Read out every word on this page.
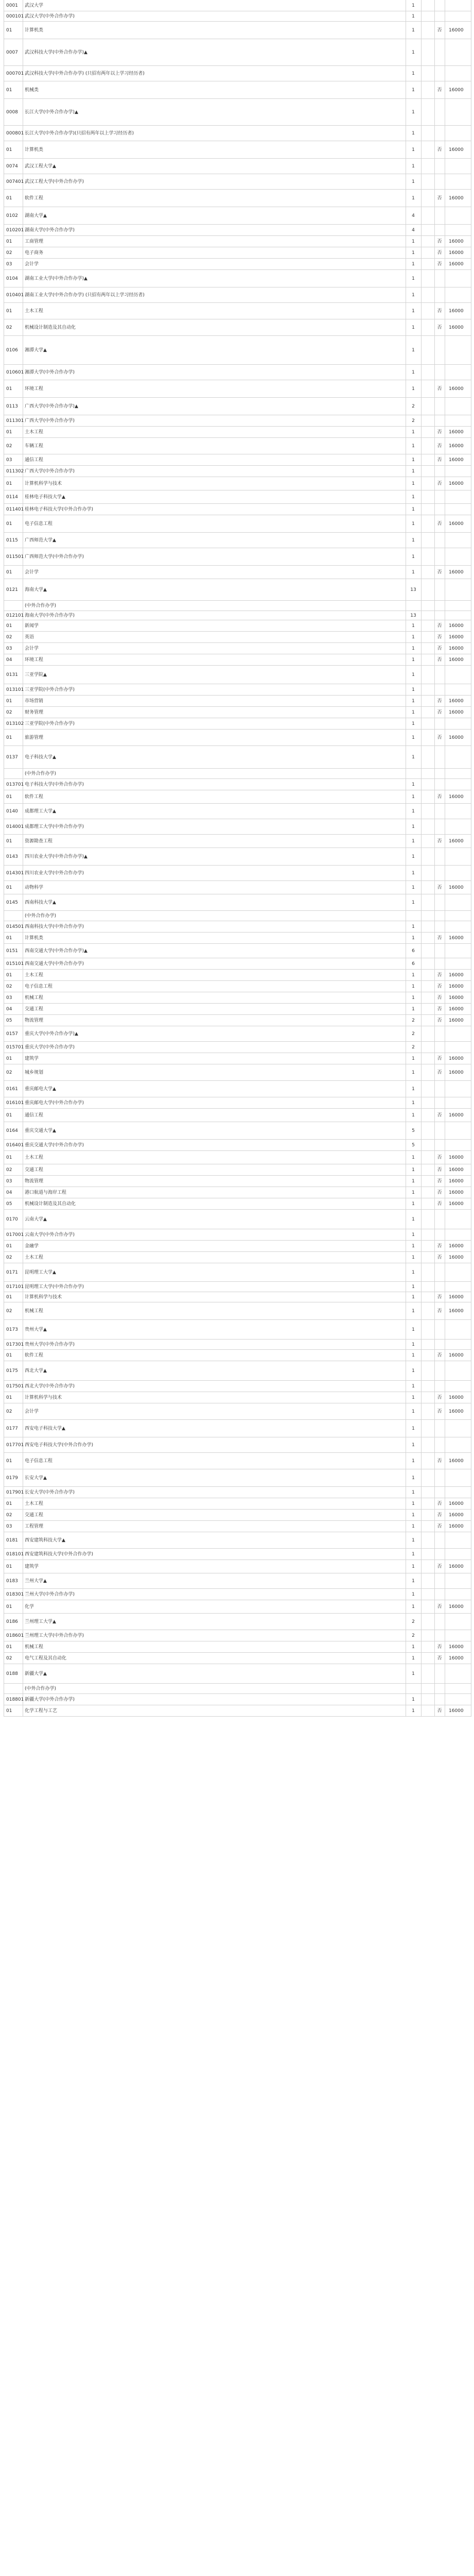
0001	武汉大学	1
000101 武汉大学(中外合作办学)	1
01	计算机类	1	否	16000
0007	武汉科技大学(中外合作办学)▲	1
000701 武汉科技大学(中外合作办学) (只招有两年以上学习经历者)	1
01	机械类	1	否	16000
0008	长江大学(中外合作办学)▲	1
000801 长江大学(中外合作办学)(只招有两年以上学习经历者)	1
01	计算机类	1	否	16000
0074	武汉工程大学▲	1
007401 武汉工程大学(中外合作办学)	1
01	软件工程	1	否	16000
0102	湖南大学▲	4
010201 湖南大学(中外合作办学)	4
01	工商管理	1	否	16000
02	电子商务	1	否	16000
03	会计学	1	否	16000
0104	湖南工业大学(中外合作办学)▲	1
010401 湖南工业大学(中外合作办学) (只招有两年以上学习经历者)	1
01	土木工程	1	否	16000
02	机械设计制造及其自动化	1	否	16000
0106	湘潭大学▲	1
010601 湘潭大学(中外合作办学)	1
01	环境工程	1	否	16000
0113	广西大学(中外合作办学)▲	2
011301 广西大学(中外合作办学)	2
01	土木工程	1	否	16000
02	车辆工程	1	否	16000
03	通信工程	1	否	16000
011302 广西大学(中外合作办学)	1
01	计算机科学与技术	1	否	16000
0114	桂林电子科技大学▲	1
011401 桂林电子科技大学(中外合作办学)	1
01	电子信息工程	1	否	16000
0115	广西师范大学▲	1
011501 广西师范大学(中外合作办学)	1
01	会计学	1	否	16000
0121	海南大学▲	13
(中外合作办学)
012101 海南大学(中外合作办学)	13
01	新闻学	1	否	16000
02	英语	1	否	16000
03	会计学	1	否	16000
04	环境工程	1	否	16000
0131	三亚学院▲	1
013101 三亚学院(中外合作办学)	1
01	市场营销	1	否	16000
02	财务管理	1	否	16000
013102 三亚学院(中外合作办学)	1
01	旅游管理	1	否	16000
0137	电子科技大学▲	1
(中外合作办学)
013701 电子科技大学(中外合作办学)	1
01	软件工程	1	否	16000
0140	成都理工大学▲	1
014001 成都理工大学(中外合作办学)	1
01	资源勘查工程	1	否	16000
0143	四川农业大学(中外合作办学)▲	1
014301 四川农业大学(中外合作办学)	1
01	动物科学	1	否	16000
0145	西南科技大学▲	1
(中外合作办学)
014501 西南科技大学(中外合作办学)	1
01	计算机类	1	否	16000
0151	西南交通大学(中外合作办学)▲	6
015101 西南交通大学(中外合作办学)	6
01	土木工程	1	否	16000
02	电子信息工程	1	否	16000
03	机械工程	1	否	16000
04	交通工程	1	否	16000
05	物流管理	2	否	16000
0157	重庆大学(中外合作办学)▲	2
015701 重庆大学(中外合作办学)	2
01	建筑学	1	否	16000
02	城乡规划	1	否	16000
0161	重庆邮电大学▲	1
016101 重庆邮电大学(中外合作办学)	1
01	通信工程	1	否	16000
0164	重庆交通大学▲	5
016401 重庆交通大学(中外合作办学)	5
01	土木工程	1	否	16000
02	交通工程	1	否	16000
03	物流管理	1	否	16000
04	港口航道与海岸工程	1	否	16000
05	机械设计制造及其自动化	1	否	16000
0170	云南大学▲	1
017001 云南大学(中外合作办学)	1
01	金融学	1	否	16000
02	土木工程	1	否	16000
0171	昆明理工大学▲	1
017101 昆明理工大学(中外合作办学)	1
01	计算机科学与技术	1	否	16000
02	机械工程	1	否	16000
0173	贵州大学▲	1
017301 贵州大学(中外合作办学)	1
01	软件工程	1	否	16000
0175	西北大学▲	1
017501 西北大学(中外合作办学)	1
01	计算机科学与技术	1	否	16000
02	会计学	1	否	16000
0177	西安电子科技大学▲	1
017701 西安电子科技大学(中外合作办学)	1
01	电子信息工程	1	否	16000
0179	长安大学▲	1
017901 长安大学(中外合作办学)	1
01	土木工程	1	否	16000
02	交通工程	1	否	16000
03	工程管理	1	否	16000
0181	西安建筑科技大学▲	1
018101 西安建筑科技大学(中外合作办学)	1
01	建筑学	1	否	16000
0183	兰州大学▲	1
018301 兰州大学(中外合作办学)	1
01	化学	1	否	16000
0186	兰州理工大学▲	2
018601 兰州理工大学(中外合作办学)	2
01	机械工程	1	否	16000
02	电气工程及其自动化	1	否	16000
0188	新疆大学▲	1
(中外合作办学)
018801 新疆大学(中外合作办学)	1
01	化学工程与工艺	1	否	16000
